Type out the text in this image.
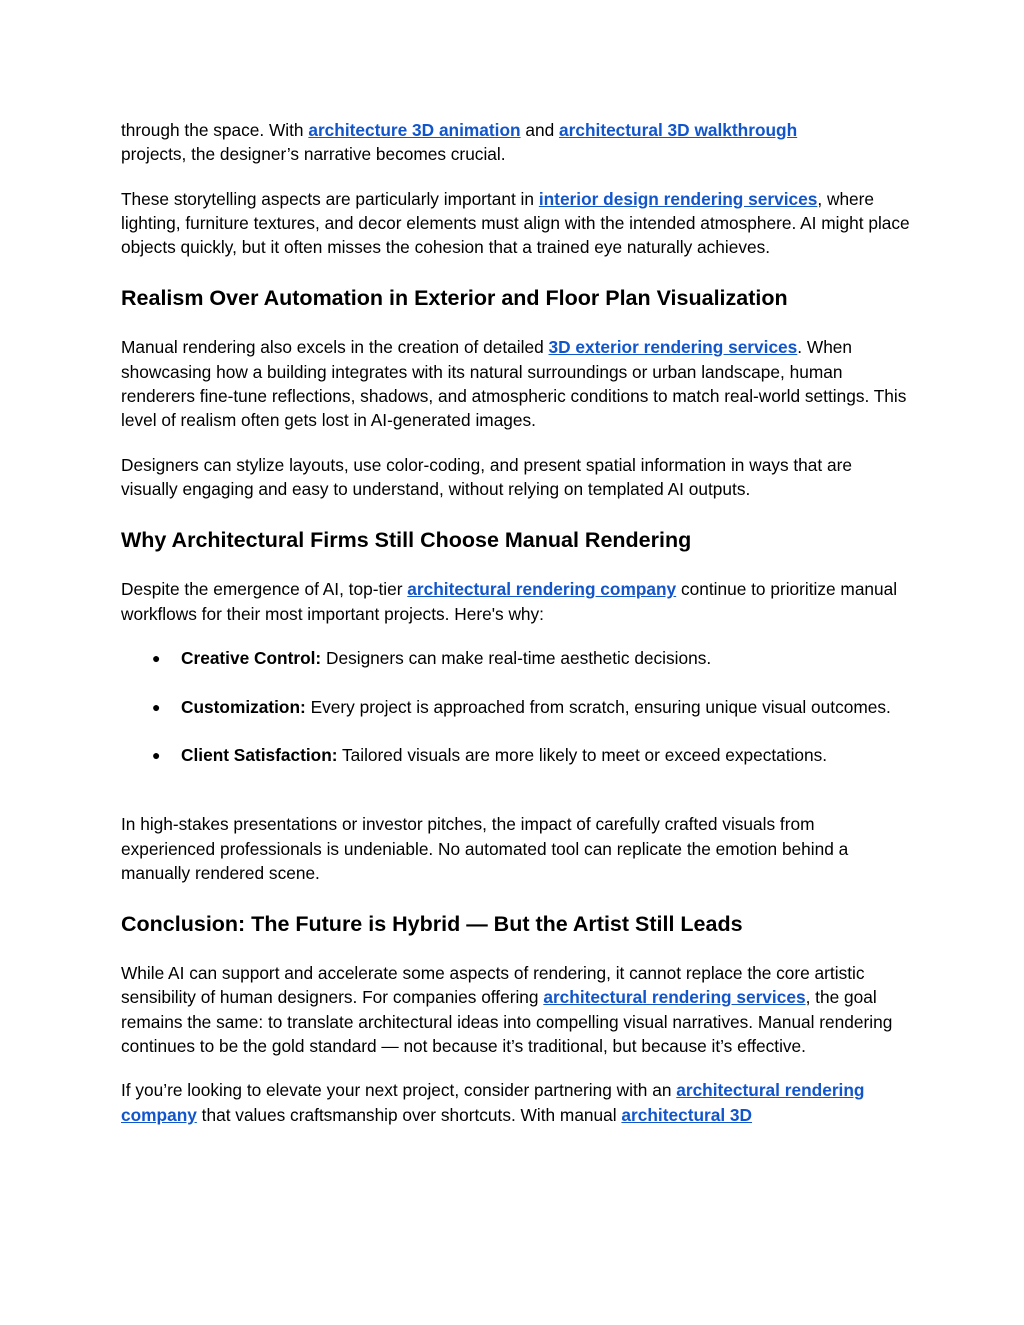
through the space. With architecture 3D animation and architectural 3D walkthrough
projects, the designer’s narrative becomes crucial.

These storytelling aspects are particularly important in interior design rendering services, where lighting, furniture textures, and decor elements must align with the intended atmosphere. AI might place objects quickly, but it often misses the cohesion that a trained eye naturally achieves.

Realism Over Automation in Exterior and Floor Plan Visualization

Manual rendering also excels in the creation of detailed 3D exterior rendering services. When showcasing how a building integrates with its natural surroundings or urban landscape, human renderers fine-tune reflections, shadows, and atmospheric conditions to match real-world settings. This level of realism often gets lost in AI-generated images.

Designers can stylize layouts, use color-coding, and present spatial information in ways that are visually engaging and easy to understand, without relying on templated AI outputs.

Why Architectural Firms Still Choose Manual Rendering

Despite the emergence of AI, top-tier architectural rendering company continue to prioritize manual workflows for their most important projects. Here's why:

● Creative Control: Designers can make real-time aesthetic decisions.
● Customization: Every project is approached from scratch, ensuring unique visual outcomes.
● Client Satisfaction: Tailored visuals are more likely to meet or exceed expectations.

In high-stakes presentations or investor pitches, the impact of carefully crafted visuals from experienced professionals is undeniable. No automated tool can replicate the emotion behind a manually rendered scene.

Conclusion: The Future is Hybrid — But the Artist Still Leads

While AI can support and accelerate some aspects of rendering, it cannot replace the core artistic sensibility of human designers. For companies offering architectural rendering services, the goal remains the same: to translate architectural ideas into compelling visual narratives. Manual rendering continues to be the gold standard — not because it’s traditional, but because it’s effective.

If you’re looking to elevate your next project, consider partnering with an architectural rendering company that values craftsmanship over shortcuts. With manual architectural 3D
